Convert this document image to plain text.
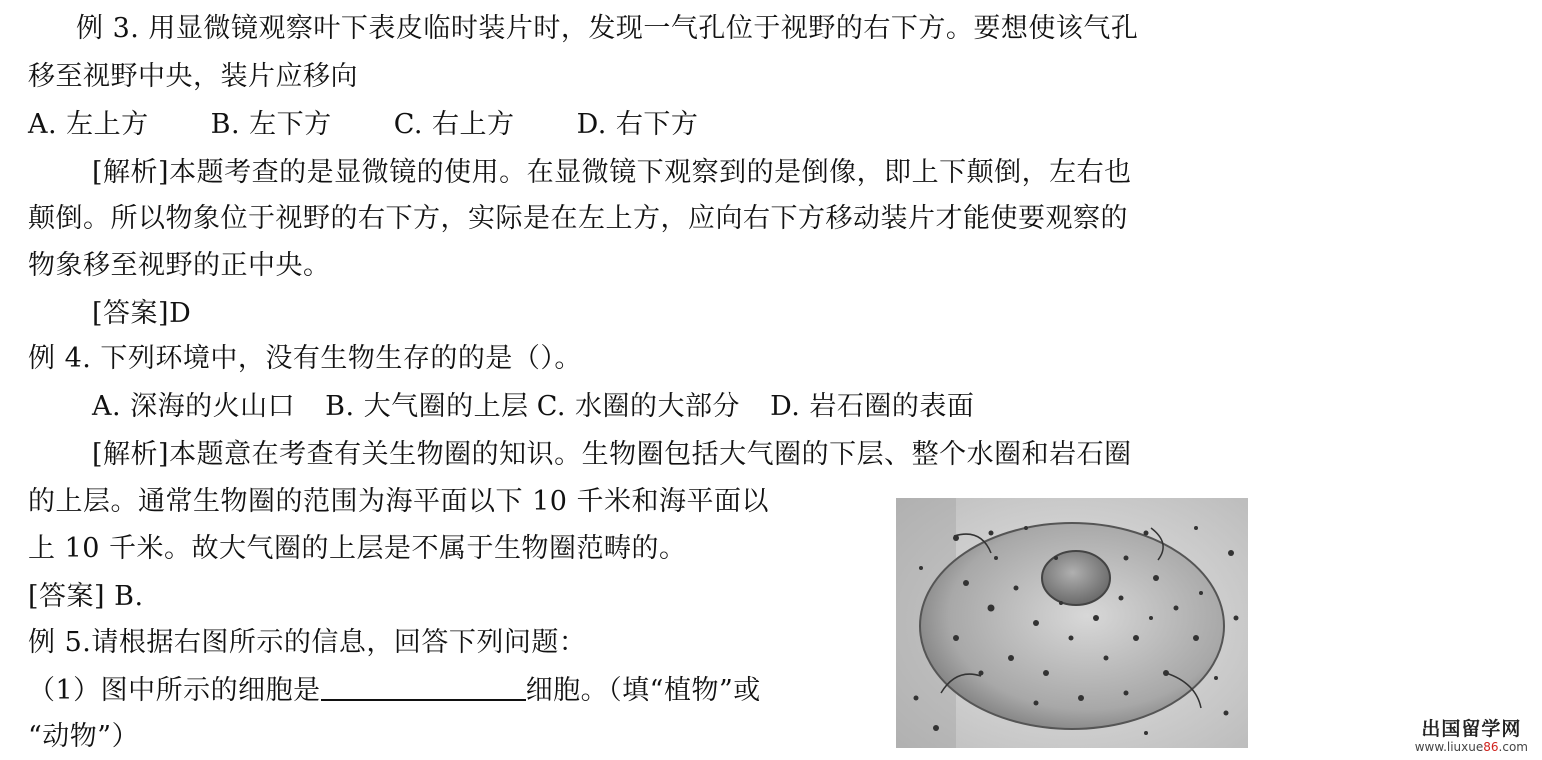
例 3. 用显微镜观察叶下表皮临时装片时，发现一气孔位于视野的右下方。要想使该气孔
移至视野中央，装片应移向
A. 左上方 B. 左下方 C. 右上方 D. 右下方
[解析]本题考查的是显微镜的使用。在显微镜下观察到的是倒像，即上下颠倒，左右也
颠倒。所以物象位于视野的右下方，实际是在左上方，应向右下方移动装片才能使要观察的
物象移至视野的正中央。
[答案]D
例 4. 下列环境中，没有生物生存的的是（）。
A. 深海的火山口 B. 大气圈的上层 C. 水圈的大部分 D. 岩石圈的表面
[解析]本题意在考查有关生物圈的知识。生物圈包括大气圈的下层、整个水圈和岩石圈
的上层。通常生物圈的范围为海平面以下 10 千米和海平面以
上 10 千米。故大气圈的上层是不属于生物圈范畴的。
[答案] B.
例 5.请根据右图所示的信息，回答下列问题：
（1）图中所示的细胞是	细胞。（填“植物”或
“动物”）	出国留学网
www.liuxue86.com
